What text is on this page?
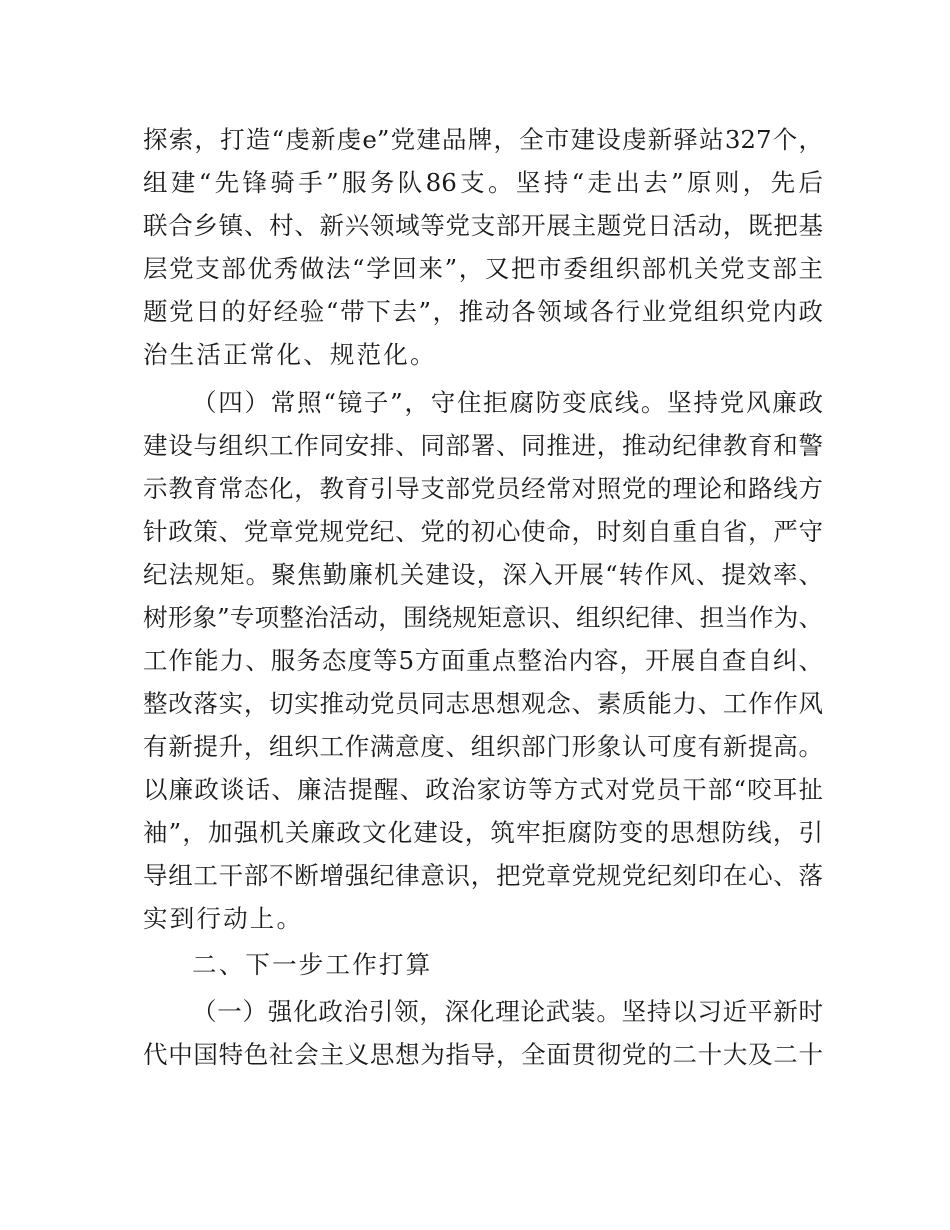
探索，打造“虔新虔e”党建品牌，全市建设虔新驿站327个，
组建“先锋骑手”服务队86支。坚持“走出去”原则，先后
联合乡镇、村、新兴领域等党支部开展主题党日活动，既把基
层党支部优秀做法“学回来”，又把市委组织部机关党支部主
题党日的好经验“带下去”，推动各领域各行业党组织党内政
治生活正常化、规范化。
（四）常照“镜子”，守住拒腐防变底线。坚持党风廉政
建设与组织工作同安排、同部署、同推进，推动纪律教育和警
示教育常态化，教育引导支部党员经常对照党的理论和路线方
针政策、党章党规党纪、党的初心使命，时刻自重自省，严守
纪法规矩。聚焦勤廉机关建设，深入开展“转作风、提效率、
树形象”专项整治活动，围绕规矩意识、组织纪律、担当作为、
工作能力、服务态度等5方面重点整治内容，开展自查自纠、
整改落实，切实推动党员同志思想观念、素质能力、工作作风
有新提升，组织工作满意度、组织部门形象认可度有新提高。
以廉政谈话、廉洁提醒、政治家访等方式对党员干部“咬耳扯
袖”，加强机关廉政文化建设，筑牢拒腐防变的思想防线，引
导组工干部不断增强纪律意识，把党章党规党纪刻印在心、落
实到行动上。
二、下一步工作打算
（一）强化政治引领，深化理论武装。坚持以习近平新时
代中国特色社会主义思想为指导，全面贯彻党的二十大及二十
